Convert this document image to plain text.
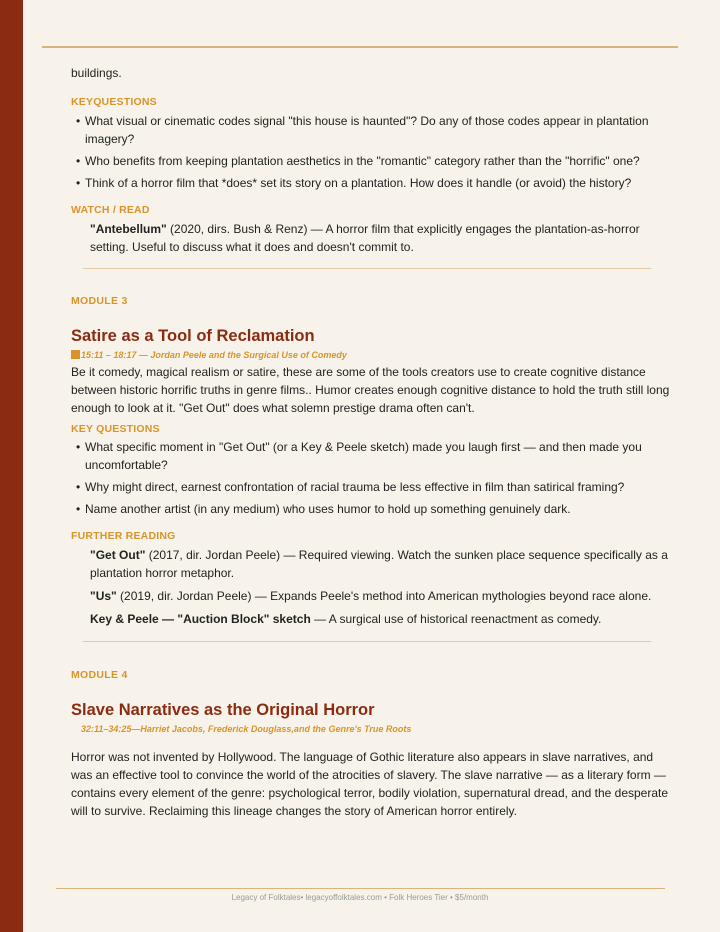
buildings.

KEYQUESTIONS

• What visual or cinematic codes signal "this house is haunted"? Do any of those codes appear in plantation imagery?
• Who benefits from keeping plantation aesthetics in the "romantic" category rather than the "horrific" one?
• Think of a horror film that *does* set its story on a plantation. How does it handle (or avoid) the history?

WATCH / READ

"Antebellum" (2020, dirs. Bush & Renz) — A horror film that explicitly engages the plantation-as-horror setting. Useful to discuss what it does and doesn't commit to.

MODULE 3

Satire as a Tool of Reclamation

15:11 – 18:17 — Jordan Peele and the Surgical Use of Comedy

Be it comedy, magical realism or satire, these are some of the tools creators use to create cognitive distance between historic horrific truths in genre films.. Humor creates enough cognitive distance to hold the truth still long enough to look at it. "Get Out" does what solemn prestige drama often can't.

KEY QUESTIONS

• What specific moment in "Get Out" (or a Key & Peele sketch) made you laugh first — and then made you uncomfortable?
• Why might direct, earnest confrontation of racial trauma be less effective in film than satirical framing?
• Name another artist (in any medium) who uses humor to hold up something genuinely dark.

FURTHER READING

"Get Out" (2017, dir. Jordan Peele) — Required viewing. Watch the sunken place sequence specifically as a plantation horror metaphor.

"Us" (2019, dir. Jordan Peele) — Expands Peele's method into American mythologies beyond race alone.

Key & Peele — "Auction Block" sketch — A surgical use of historical reenactment as comedy.

MODULE 4

Slave Narratives as the Original Horror

32:11–34:25—Harriet Jacobs, Frederick Douglass,and the Genre's True Roots

Horror was not invented by Hollywood. The language of Gothic literature also appears in slave narratives, and was an effective tool to convince the world of the atrocities of slavery. The slave narrative — as a literary form — contains every element of the genre: psychological terror, bodily violation, supernatural dread, and the desperate will to survive. Reclaiming this lineage changes the story of American horror entirely.

Legacy of Folktales• legacyoffolktales.com • Folk Heroes Tier • $5/month
